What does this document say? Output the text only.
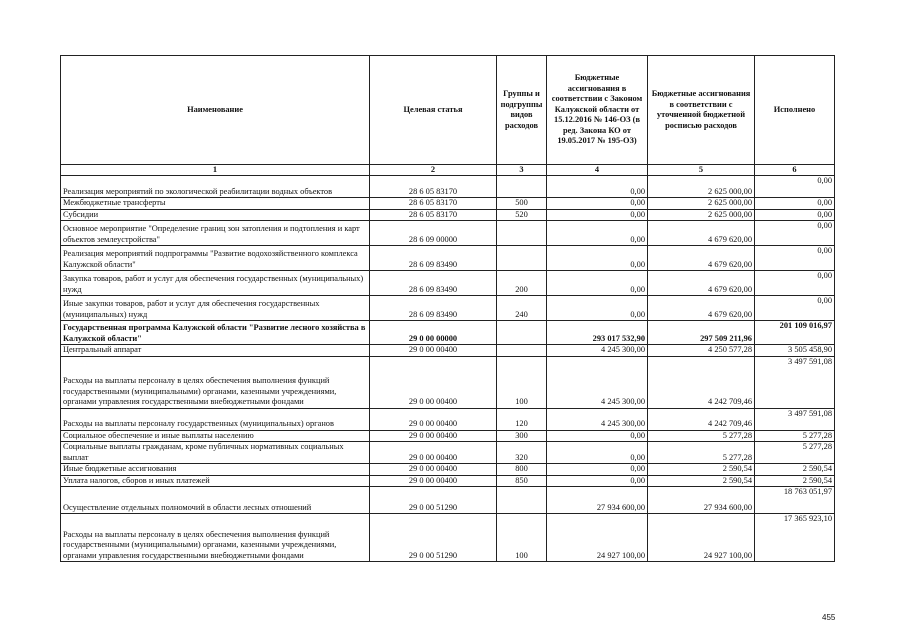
Наименование	Целевая статья	Группы и подгруппы видов расходов	Бюджетные ассигнования в соответствии с Законом Калужской области от 15.12.2016 № 146-ОЗ (в ред. Закона КО от 19.05.2017 № 195-ОЗ)	Бюджетные ассигнования в соответствии с уточненной бюджетной росписью расходов	Исполнено
1	2	3	4	5	6
Реализация мероприятий по экологической реабилитации водных объектов	28 6 05 83170		0,00	2 625 000,00	0,00
Межбюджетные трансферты	28 6 05 83170	500	0,00	2 625 000,00	0,00
Субсидии	28 6 05 83170	520	0,00	2 625 000,00	0,00
Основное мероприятие "Определение границ зон затопления и подтопления и карт объектов землеустройства"	28 6 09 00000		0,00	4 679 620,00	0,00
Реализация мероприятий подпрограммы "Развитие водохозяйственного комплекса Калужской области"	28 6 09 83490		0,00	4 679 620,00	0,00
Закупка товаров, работ и услуг для обеспечения государственных (муниципальных) нужд	28 6 09 83490	200	0,00	4 679 620,00	0,00
Иные закупки товаров, работ и услуг для обеспечения государственных (муниципальных) нужд	28 6 09 83490	240	0,00	4 679 620,00	0,00
Государственная программа Калужской области "Развитие лесного хозяйства в Калужской области"	29 0 00 00000		293 017 532,90	297 509 211,96	201 109 016,97
Центральный аппарат	29 0 00 00400		4 245 300,00	4 250 577,28	3 505 458,90
Расходы на выплаты персоналу в целях обеспечения выполнения функций государственными (муниципальными) органами, казенными учреждениями, органами управления государственными внебюджетными фондами	29 0 00 00400	100	4 245 300,00	4 242 709,46	3 497 591,08
Расходы на выплаты персоналу государственных (муниципальных) органов	29 0 00 00400	120	4 245 300,00	4 242 709,46	3 497 591,08
Социальное обеспечение и иные выплаты населению	29 0 00 00400	300	0,00	5 277,28	5 277,28
Социальные выплаты гражданам, кроме публичных нормативных социальных выплат	29 0 00 00400	320	0,00	5 277,28	5 277,28
Иные бюджетные ассигнования	29 0 00 00400	800	0,00	2 590,54	2 590,54
Уплата налогов, сборов и иных платежей	29 0 00 00400	850	0,00	2 590,54	2 590,54
Осуществление отдельных полномочий в области лесных отношений	29 0 00 51290		27 934 600,00	27 934 600,00	18 763 051,97
Расходы на выплаты персоналу в целях обеспечения выполнения функций государственными (муниципальными) органами, казенными учреждениями, органами управления государственными внебюджетными фондами	29 0 00 51290	100	24 927 100,00	24 927 100,00	17 365 923,10
455
